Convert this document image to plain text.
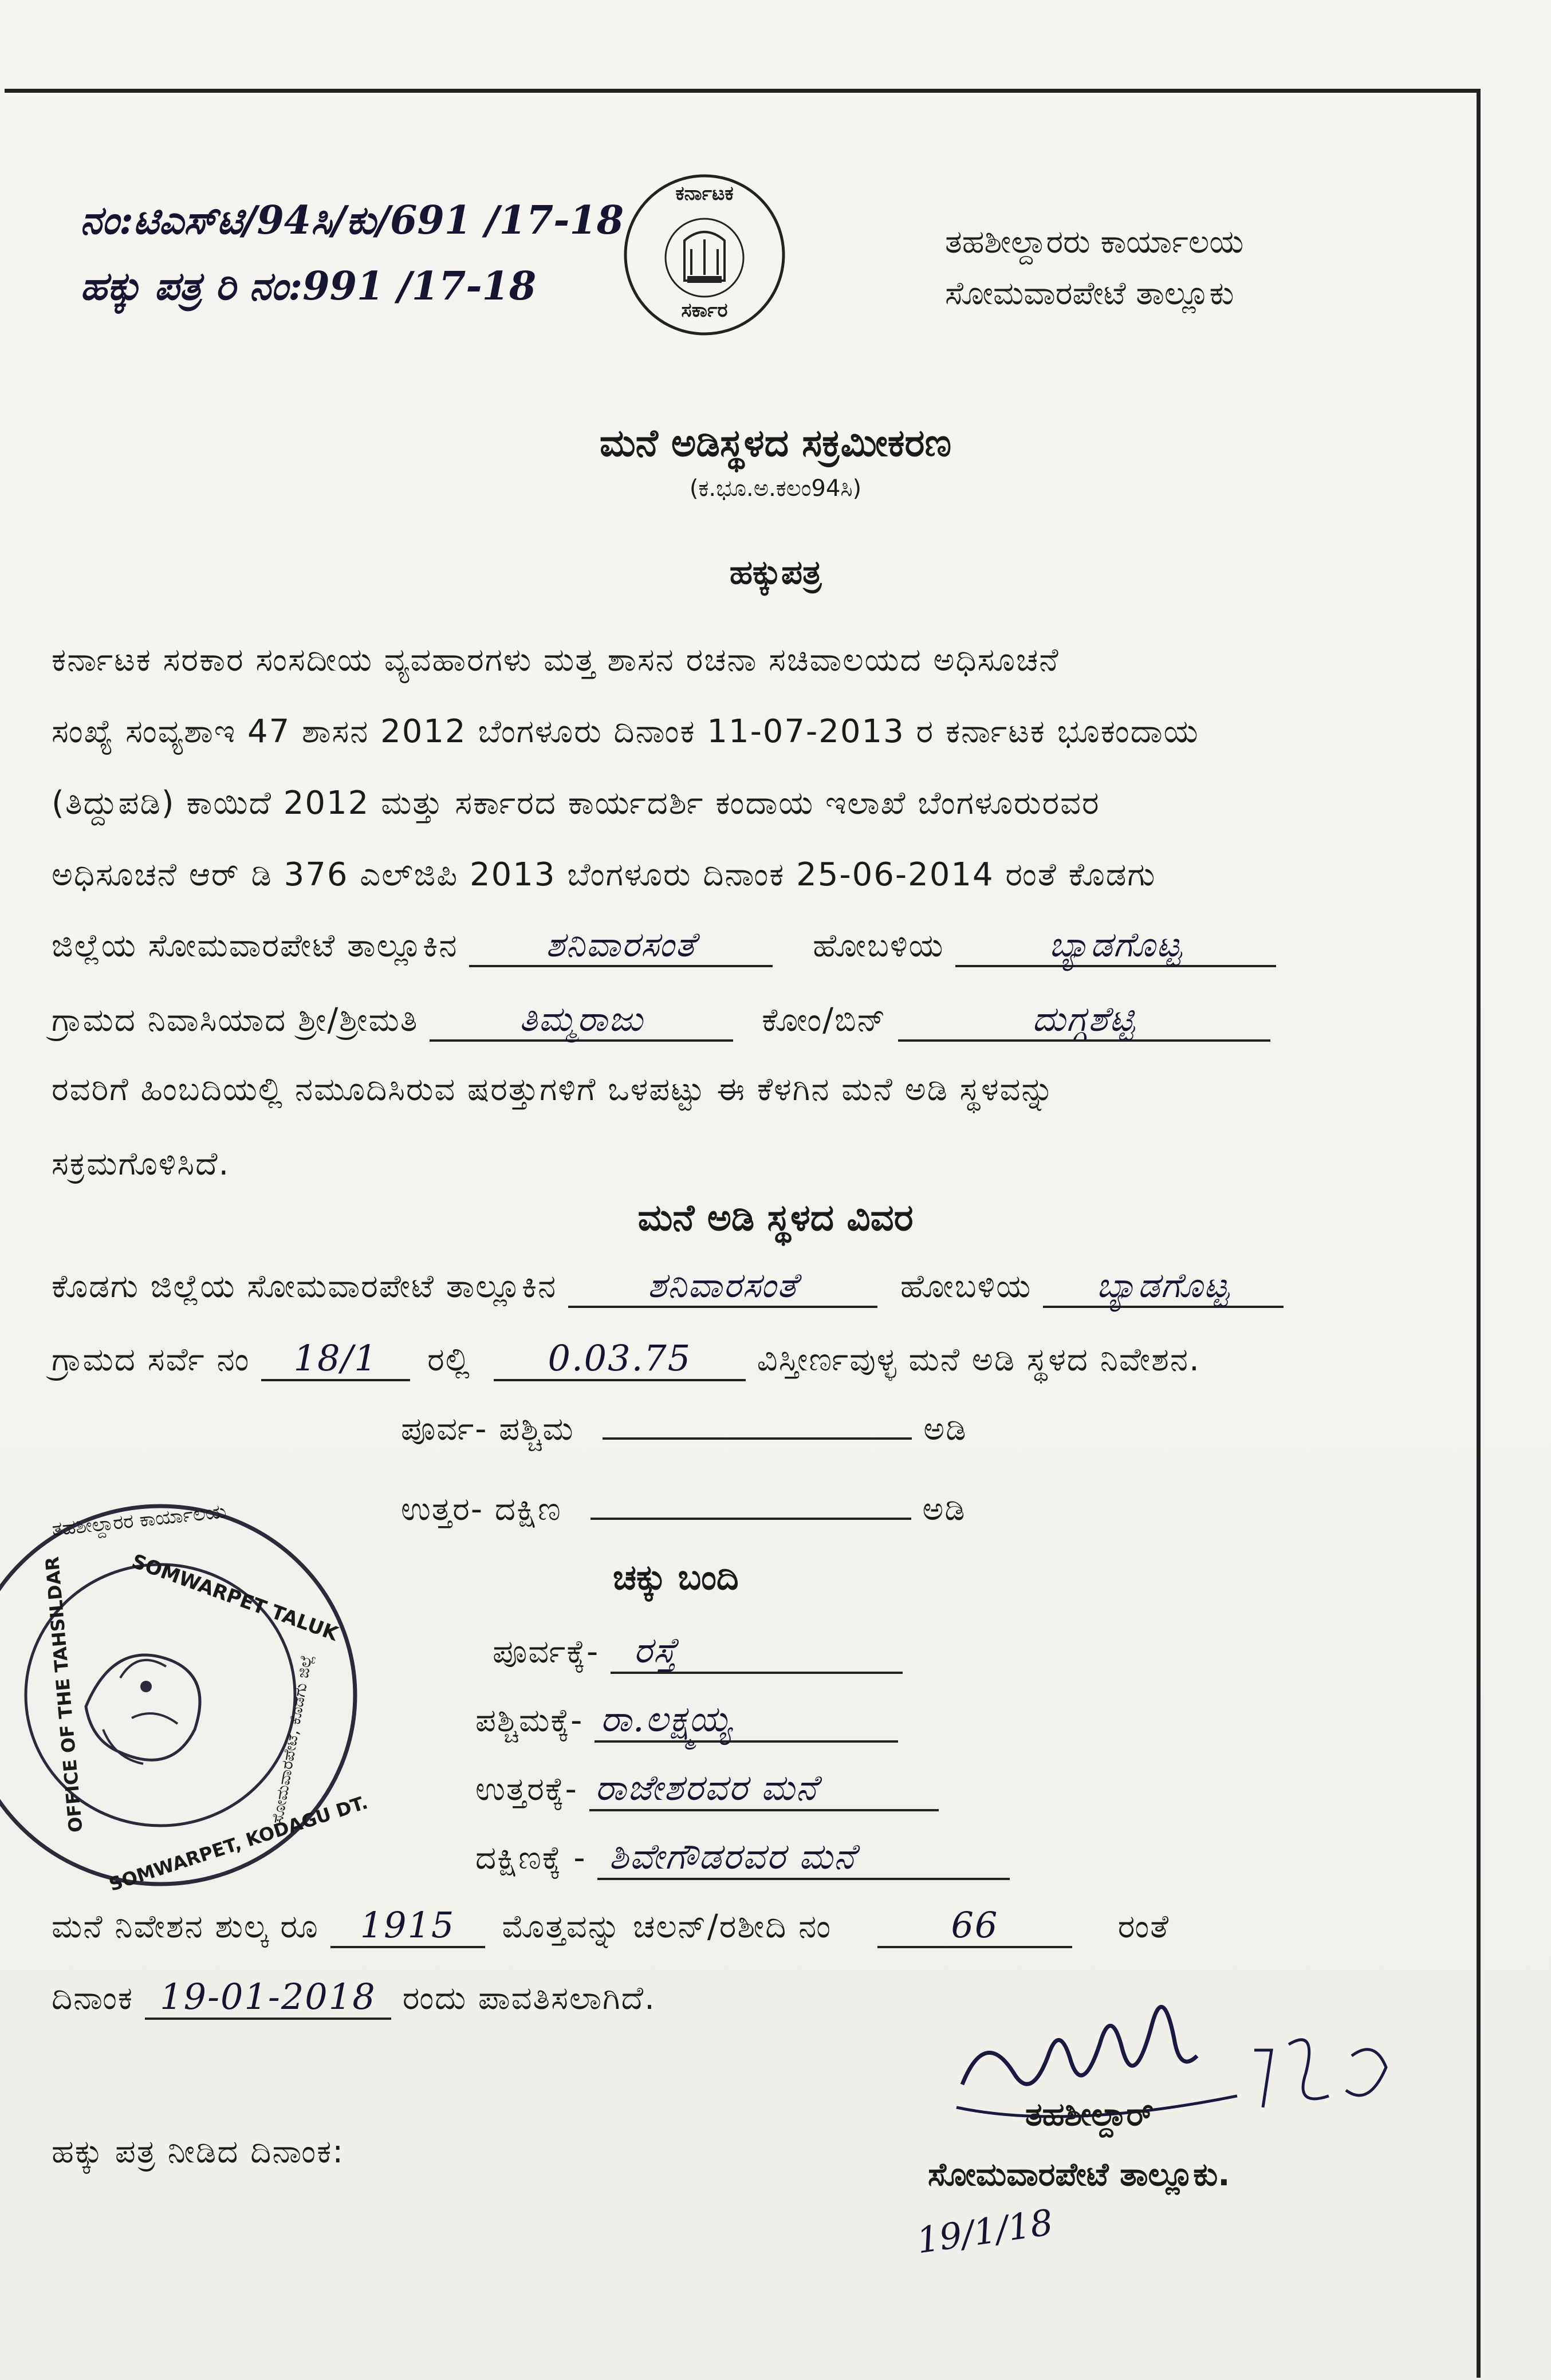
ನಂ:ಟಿಎಸ್‌ಟಿ/94ಸಿ/ಕು/691 /17-18
ಹಕ್ಕು ಪತ್ರ ರಿ ನಂ:991 /17-18
ಕರ್ನಾಟಕ
ಸರ್ಕಾರ
ತಹಶೀಲ್ದಾರರು ಕಾರ್ಯಾಲಯ
ಸೋಮವಾರಪೇಟೆ ತಾಲ್ಲೂಕು
ಮನೆ ಅಡಿಸ್ಥಳದ ಸಕ್ರಮೀಕರಣ
(ಕ.ಭೂ.ಅ.ಕಲಂ94ಸಿ)
ಹಕ್ಕುಪತ್ರ
ಕರ್ನಾಟಕ ಸರಕಾರ ಸಂಸದೀಯ ವ್ಯವಹಾರಗಳು ಮತ್ತ ಶಾಸನ ರಚನಾ ಸಚಿವಾಲಯದ ಅಧಿಸೂಚನೆ
ಸಂಖ್ಯೆ ಸಂವ್ಯಶಾಇ 47 ಶಾಸನ 2012 ಬೆಂಗಳೂರು ದಿನಾಂಕ 11-07-2013 ರ ಕರ್ನಾಟಕ ಭೂಕಂದಾಯ
(ತಿದ್ದುಪಡಿ) ಕಾಯಿದೆ 2012 ಮತ್ತು ಸರ್ಕಾರದ ಕಾರ್ಯದರ್ಶಿ ಕಂದಾಯ ಇಲಾಖೆ ಬೆಂಗಳೂರುರವರ
ಅಧಿಸೂಚನೆ ಆರ್ ಡಿ 376 ಎಲ್‌ಜಿಪಿ 2013 ಬೆಂಗಳೂರು ದಿನಾಂಕ 25-06-2014 ರಂತೆ ಕೊಡಗು
ಜಿಲ್ಲೆಯ ಸೋಮವಾರಪೇಟೆ ತಾಲ್ಲೂಕಿನ	ಶನಿವಾರಸಂತೆ	ಹೋಬಳಿಯ	ಬ್ಯಾಡಗೊಟ್ಟ
ಗ್ರಾಮದ ನಿವಾಸಿಯಾದ ಶ್ರೀ/ಶ್ರೀಮತಿ	ತಿಮ್ಮರಾಜು	ಕೋಂ/ಬಿನ್	ದುಗ್ಗಶೆಟ್ಟಿ
ರವರಿಗೆ ಹಿಂಬದಿಯಲ್ಲಿ ನಮೂದಿಸಿರುವ ಷರತ್ತುಗಳಿಗೆ ಒಳಪಟ್ಟು ಈ ಕೆಳಗಿನ ಮನೆ ಅಡಿ ಸ್ಥಳವನ್ನು
ಸಕ್ರಮಗೊಳಿಸಿದೆ.
ಮನೆ ಅಡಿ ಸ್ಥಳದ ವಿವರ
ಕೊಡಗು ಜಿಲ್ಲೆಯ ಸೋಮವಾರಪೇಟೆ ತಾಲ್ಲೂಕಿನ	ಶನಿವಾರಸಂತೆ	ಹೋಬಳಿಯ ಬ್ಯಾಡಗೊಟ್ಟ
ಗ್ರಾಮದ ಸರ್ವೆ ನಂ 18/1 ರಲ್ಲಿ 0.03.75 ವಿಸ್ತೀರ್ಣವುಳ್ಳ ಮನೆ ಅಡಿ ಸ್ಥಳದ ನಿವೇಶನ.
ಪೂರ್ವ- ಪಶ್ಚಿಮ	ಅಡಿ
ಉತ್ತರ- ದಕ್ಷಿಣ	ಅಡಿ
ಚಕ್ಕು ಬಂದಿ
ಪೂರ್ವಕ್ಕೆ- ರಸ್ತೆ
ಪಶ್ಚಿಮಕ್ಕೆ- ರಾ.ಲಕ್ಷ್ಮಯ್ಯ
ಉತ್ತರಕ್ಕೆ- ರಾಜೇಶರವರ ಮನೆ
ದಕ್ಷಿಣಕ್ಕೆ - ಶಿವೇಗೌಡರವರ ಮನೆ
SOMWARPET TALUK
OFFICE OF THE TAHSILDAR
SOMWARPET, KODAGU DT.
ತಹಶೀಲ್ದಾರರ ಕಾರ್ಯಾಲಯ
ಸೋಮವಾರಪೇಟೆ, ಕೊಡಗು ಜಿಲ್ಲೆ
ಮನೆ ನಿವೇಶನ ಶುಲ್ಕ ರೂ 1915 ಮೊತ್ತವನ್ನು ಚಲನ್/ರಶೀದಿ ನಂ	66	ರಂತೆ
ದಿನಾಂಕ 19-01-2018 ರಂದು ಪಾವತಿಸಲಾಗಿದೆ.
ತಹಶೀಲ್ದಾರ್
ಸೋಮವಾರಪೇಟೆ ತಾಲ್ಲೂಕು.
19/1/18
ಹಕ್ಕು ಪತ್ರ ನೀಡಿದ ದಿನಾಂಕ:
